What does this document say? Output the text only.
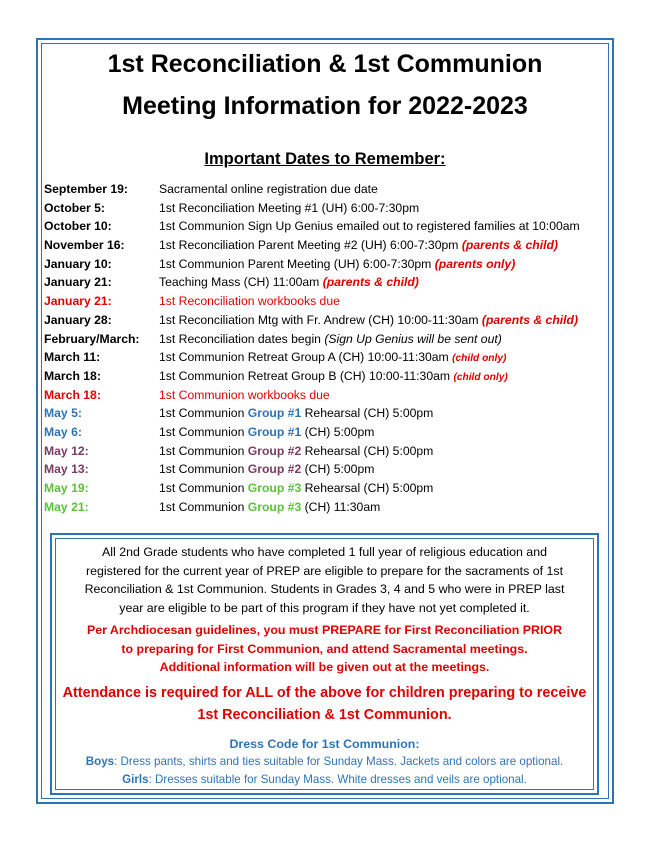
1st Reconciliation & 1st Communion
Meeting Information for 2022-2023
Important Dates to Remember:
September 19:	Sacramental online registration due date
October 5:	1st Reconciliation Meeting #1 (UH) 6:00-7:30pm
October 10:	1st Communion Sign Up Genius emailed out to registered families at 10:00am
November 16:	1st Reconciliation Parent Meeting #2 (UH) 6:00-7:30pm (parents & child)
January 10:	1st Communion Parent Meeting (UH) 6:00-7:30pm (parents only)
January 21:	Teaching Mass (CH) 11:00am (parents & child)
January 21:	1st Reconciliation workbooks due
January 28:	1st Reconciliation Mtg with Fr. Andrew (CH) 10:00-11:30am (parents & child)
February/March:	1st Reconciliation dates begin (Sign Up Genius will be sent out)
March 11:	1st Communion Retreat Group A (CH) 10:00-11:30am (child only)
March 18:	1st Communion Retreat Group B (CH) 10:00-11:30am (child only)
March 18:	1st Communion workbooks due
May 5:	1st Communion Group #1 Rehearsal (CH) 5:00pm
May 6:	1st Communion Group #1 (CH) 5:00pm
May 12:	1st Communion Group #2 Rehearsal (CH) 5:00pm
May 13:	1st Communion Group #2 (CH) 5:00pm
May 19:	1st Communion Group #3 Rehearsal (CH) 5:00pm
May 21:	1st Communion Group #3 (CH) 11:30am
All 2nd Grade students who have completed 1 full year of religious education and
registered for the current year of PREP are eligible to prepare for the sacraments of 1st
Reconciliation & 1st Communion. Students in Grades 3, 4 and 5 who were in PREP last
year are eligible to be part of this program if they have not yet completed it.
Per Archdiocesan guidelines, you must PREPARE for First Reconciliation PRIOR
to preparing for First Communion, and attend Sacramental meetings.
Additional information will be given out at the meetings.
Attendance is required for ALL of the above for children preparing to receive
1st Reconciliation & 1st Communion.
Dress Code for 1st Communion:
Boys: Dress pants, shirts and ties suitable for Sunday Mass. Jackets and colors are optional.
Girls: Dresses suitable for Sunday Mass. White dresses and veils are optional.
